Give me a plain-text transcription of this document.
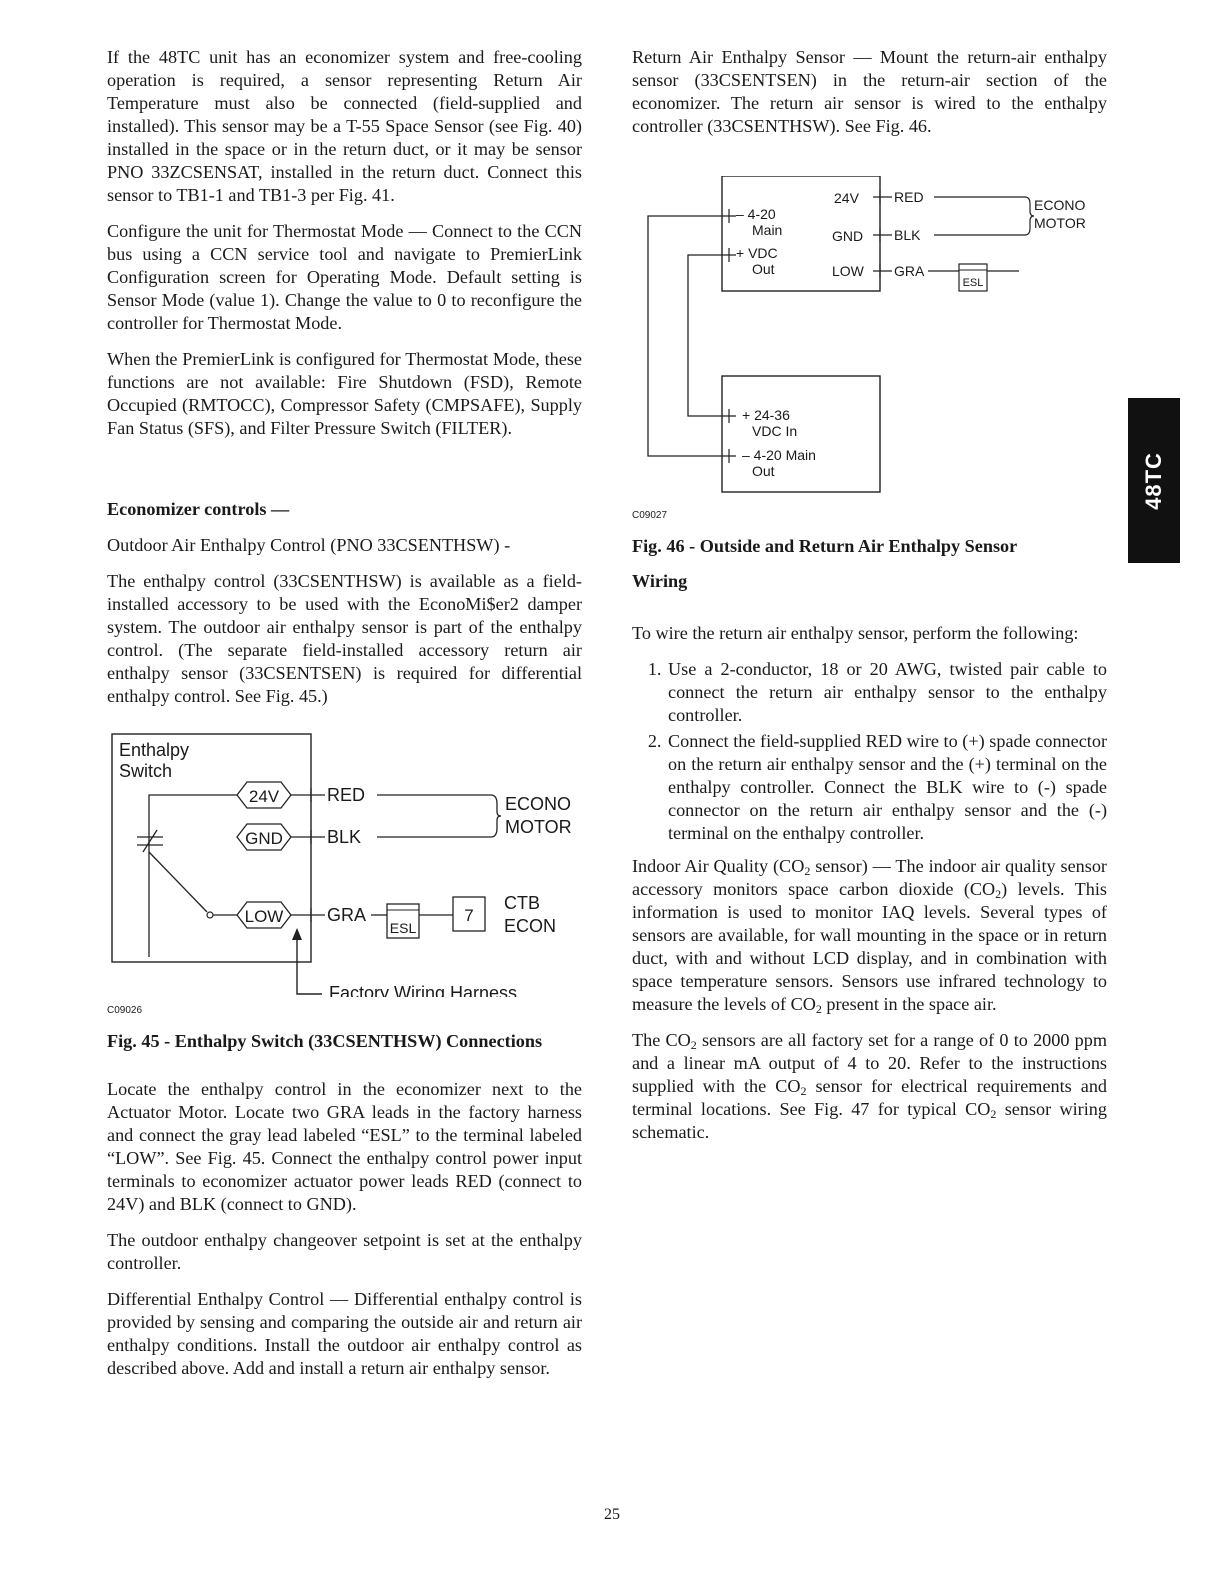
If the 48TC unit has an economizer system and free-cooling operation is required, a sensor representing Return Air Temperature must also be connected (field-supplied and installed). This sensor may be a T-55 Space Sensor (see Fig. 40) installed in the space or in the return duct, or it may be sensor PNO 33ZCSENSAT, installed in the return duct. Connect this sensor to TB1-1 and TB1-3 per Fig. 41.

Configure the unit for Thermostat Mode — Connect to the CCN bus using a CCN service tool and navigate to PremierLink Configuration screen for Operating Mode. Default setting is Sensor Mode (value 1). Change the value to 0 to reconfigure the controller for Thermostat Mode.

When the PremierLink is configured for Thermostat Mode, these functions are not available: Fire Shutdown (FSD), Remote Occupied (RMTOCC), Compressor Safety (CMPSAFE), Supply Fan Status (SFS), and Filter Pressure Switch (FILTER).

Economizer controls —

Outdoor Air Enthalpy Control (PNO 33CSENTHSW) -

The enthalpy control (33CSENTHSW) is available as a field-installed accessory to be used with the EconoMi$er2 damper system. The outdoor air enthalpy sensor is part of the enthalpy control. (The separate field-installed accessory return air enthalpy sensor (33CSENTSEN) is required for differential enthalpy control. See Fig. 45.)

Enthalpy
Switch
24V
GND
LOW
RED
BLK
ECONO
MOTOR
GRA
ESL
7
CTB
ECON
Factory Wiring Harness

C09026

Fig. 45 - Enthalpy Switch (33CSENTHSW) Connections

Locate the enthalpy control in the economizer next to the Actuator Motor. Locate two GRA leads in the factory harness and connect the gray lead labeled “ESL” to the terminal labeled “LOW”. See Fig. 45. Connect the enthalpy control power input terminals to economizer actuator power leads RED (connect to 24V) and BLK (connect to GND).

The outdoor enthalpy changeover setpoint is set at the enthalpy controller.

Differential Enthalpy Control — Differential enthalpy control is provided by sensing and comparing the outside air and return air enthalpy conditions. Install the outdoor air enthalpy control as described above. Add and install a return air enthalpy sensor.

Return Air Enthalpy Sensor — Mount the return-air enthalpy sensor (33CSENTSEN) in the return-air section of the economizer. The return air sensor is wired to the enthalpy controller (33CSENTHSW). See Fig. 46.

– 4-20
Main
+ VDC
Out
24V
GND
LOW
RED
BLK
ECONO
MOTOR
GRA
ESL
+ 24-36
VDC In
– 4-20 Main
Out

C09027

Fig. 46 - Outside and Return Air Enthalpy Sensor

Wiring

To wire the return air enthalpy sensor, perform the following:

1. Use a 2-conductor, 18 or 20 AWG, twisted pair cable to connect the return air enthalpy sensor to the enthalpy controller.
2. Connect the field-supplied RED wire to (+) spade connector on the return air enthalpy sensor and the (+) terminal on the enthalpy controller. Connect the BLK wire to (-) spade connector on the return air enthalpy sensor and the (-) terminal on the enthalpy controller.

Indoor Air Quality ($CO_2$ sensor) — The indoor air quality sensor accessory monitors space carbon dioxide $(CO_2)$ levels. This information is used to monitor IAQ levels. Several types of sensors are available, for wall mounting in the space or in return duct, with and without LCD display, and in combination with space temperature sensors. Sensors use infrared technology to measure the levels of $CO_2$ present in the space air.

The $CO_2$ sensors are all factory set for a range of 0 to 2000 ppm and a linear mA output of 4 to 20. Refer to the instructions supplied with the $CO_2$ sensor for electrical requirements and terminal locations. See Fig. 47 for typical $CO_2$ sensor wiring schematic.

48TC
25
